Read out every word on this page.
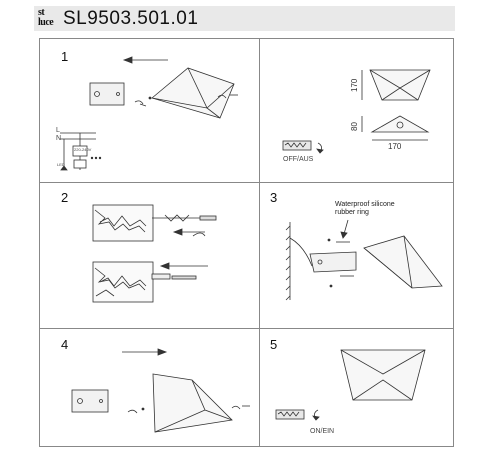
st
luce SL9503.501.01
1
2	3
4	5
L
N
220-240V
LED
OFF/AUS
ON/EIN
170
80
170
Waterproof silicone rubber ring
